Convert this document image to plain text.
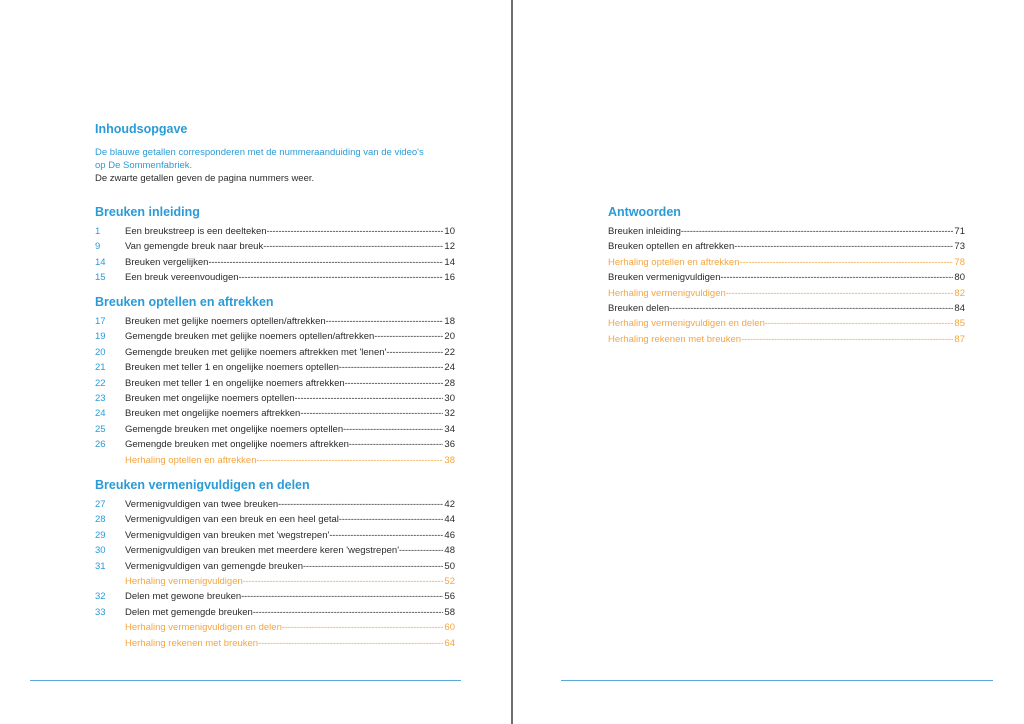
Inhoudsopgave

De blauwe getallen corresponderen met de nummeraanduiding van de video's op De Sommenfabriek.
De zwarte getallen geven de pagina nummers weer.

Breuken inleiding
1	Een breukstreep is een deelteken -----	10
9	Van gemengde breuk naar breuk -----	12
14	Breuken vergelijken -----	14
15	Een breuk vereenvoudigen -----	16
Breuken optellen en aftrekken
17	Breuken met gelijke noemers optellen/aftrekken -----	18
19	Gemengde breuken met gelijke noemers optellen/aftrekken -----	20
20	Gemengde breuken met gelijke noemers aftrekken met 'lenen' -----	22
21	Breuken met teller 1 en ongelijke noemers optellen -----	24
22	Breuken met teller 1 en ongelijke noemers aftrekken -----	28
23	Breuken met ongelijke noemers optellen -----	30
24	Breuken met ongelijke noemers aftrekken -----	32
25	Gemengde breuken met ongelijke noemers optellen -----	34
26	Gemengde breuken met ongelijke noemers aftrekken -----	36
Herhaling optellen en aftrekken -----	38
Breuken vermenigvuldigen en delen
27	Vermenigvuldigen van twee breuken -----	42
28	Vermenigvuldigen van een breuk en een heel getal -----	44
29	Vermenigvuldigen van breuken met 'wegstrepen' -----	46
30	Vermenigvuldigen van breuken met meerdere keren 'wegstrepen' -----	48
31	Vermenigvuldigen van gemengde breuken -----	50
Herhaling vermenigvuldigen -----	52
32	Delen met gewone breuken -----	56
33	Delen met gemengde breuken -----	58
Herhaling vermenigvuldigen en delen -----	60
Herhaling rekenen met breuken -----	64
Antwoorden
Breuken inleiding -----	71
Breuken optellen en aftrekken -----	73
Herhaling optellen en aftrekken -----	78
Breuken vermenigvuldigen -----	80
Herhaling vermenigvuldigen -----	82
Breuken delen -----	84
Herhaling vermenigvuldigen en delen -----	85
Herhaling rekenen met breuken -----	87
